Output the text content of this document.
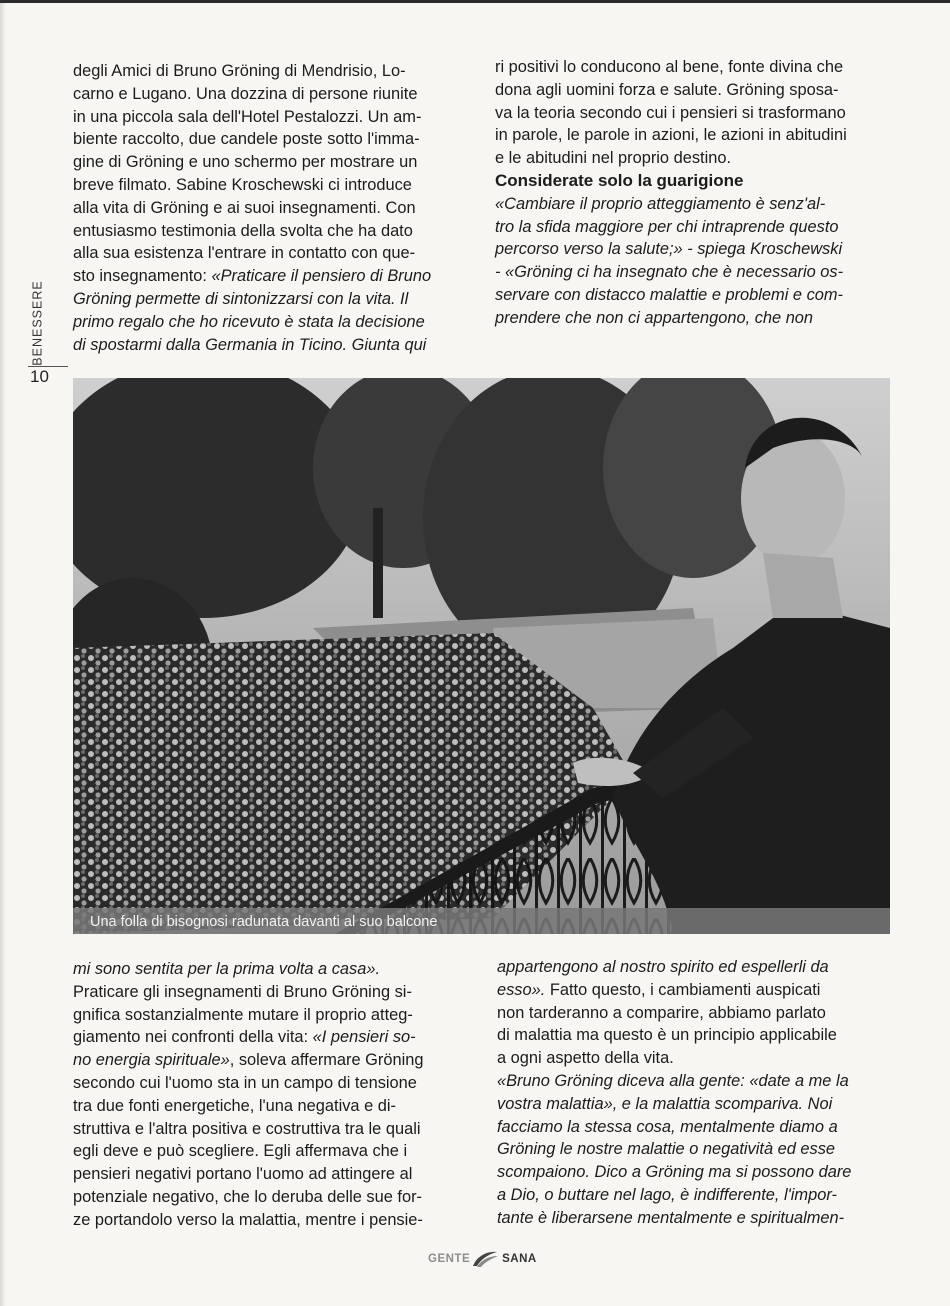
BENESSERE
10

degli Amici di Bruno Gröning di Mendrisio, Lo-

carno e Lugano. Una dozzina di persone riunite

in una piccola sala dell'Hotel Pestalozzi. Un am-

biente raccolto, due candele poste sotto l'imma-

gine di Gröning e uno schermo per mostrare un

breve filmato. Sabine Kroschewski ci introduce

alla vita di Gröning e ai suoi insegnamenti. Con

entusiasmo testimonia della svolta che ha dato

alla sua esistenza l'entrare in contatto con que-

sto insegnamento: «Praticare il pensiero di Bruno

Gröning permette di sintonizzarsi con la vita. Il

primo regalo che ho ricevuto è stata la decisione

di spostarmi dalla Germania in Ticino. Giunta qui

ri positivi lo conducono al bene, fonte divina che

dona agli uomini forza e salute. Gröning sposa-

va la teoria secondo cui i pensieri si trasformano

in parole, le parole in azioni, le azioni in abitudini

e le abitudini nel proprio destino.

Considerate solo la guarigione

«Cambiare il proprio atteggiamento è senz'al-

tro la sfida maggiore per chi intraprende questo

percorso verso la salute;» - spiega Kroschewski

- «Gröning ci ha insegnato che è necessario os-

servare con distacco malattie e problemi e com-

prendere che non ci appartengono, che non

Una folla di bisognosi radunata davanti al suo balcone

mi sono sentita per la prima volta a casa».

Praticare gli insegnamenti di Bruno Gröning si-

gnifica sostanzialmente mutare il proprio atteg-

giamento nei confronti della vita: «I pensieri so-

no energia spirituale», soleva affermare Gröning

secondo cui l'uomo sta in un campo di tensione

tra due fonti energetiche, l'una negativa e di-

struttiva e l'altra positiva e costruttiva tra le quali

egli deve e può scegliere. Egli affermava che i

pensieri negativi portano l'uomo ad attingere al

potenziale negativo, che lo deruba delle sue for-

ze portandolo verso la malattia, mentre i pensie-

appartengono al nostro spirito ed espellerli da

esso». Fatto questo, i cambiamenti auspicati

non tarderanno a comparire, abbiamo parlato

di malattia ma questo è un principio applicabile

a ogni aspetto della vita.

«Bruno Gröning diceva alla gente: «date a me la

vostra malattia», e la malattia scompariva. Noi

facciamo la stessa cosa, mentalmente diamo a

Gröning le nostre malattie o negatività ed esse

scompaiono. Dico a Gröning ma si possono dare

a Dio, o buttare nel lago, è indifferente, l'impor-

tante è liberarsene mentalmente e spiritualmen-

GENTE	SANA
